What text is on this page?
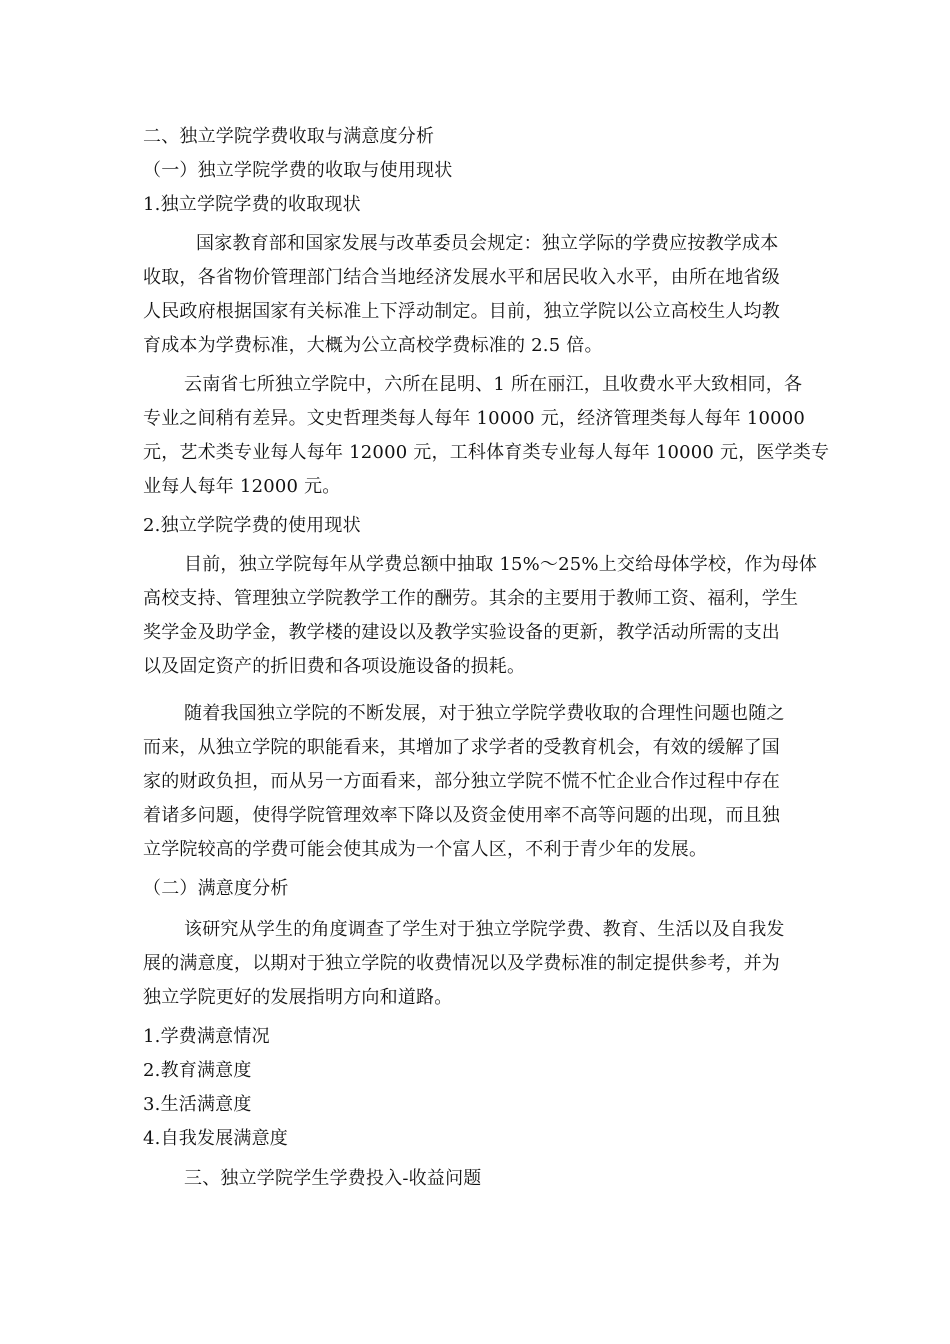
二、独立学院学费收取与满意度分析
（一）独立学院学费的收取与使用现状
1.独立学院学费的收取现状
国家教育部和国家发展与改革委员会规定：独立学际的学费应按教学成本
收取，各省物价管理部门结合当地经济发展水平和居民收入水平，由所在地省级
人民政府根据国家有关标准上下浮动制定。目前，独立学院以公立高校生人均教
育成本为学费标准，大概为公立高校学费标准的 2.5 倍。
云南省七所独立学院中，六所在昆明、1 所在丽江，且收费水平大致相同，各
专业之间稍有差异。文史哲理类每人每年 10000 元，经济管理类每人每年 10000
元，艺术类专业每人每年 12000 元，工科体育类专业每人每年 10000 元，医学类专
业每人每年 12000 元。
2.独立学院学费的使用现状
目前，独立学院每年从学费总额中抽取 15%～25%上交给母体学校，作为母体
高校支持、管理独立学院教学工作的酬劳。其余的主要用于教师工资、福利，学生
奖学金及助学金，教学楼的建设以及教学实验设备的更新，教学活动所需的支出
以及固定资产的折旧费和各项设施设备的损耗。
随着我国独立学院的不断发展，对于独立学院学费收取的合理性问题也随之
而来，从独立学院的职能看来，其增加了求学者的受教育机会，有效的缓解了国
家的财政负担，而从另一方面看来，部分独立学院不慌不忙企业合作过程中存在
着诸多问题，使得学院管理效率下降以及资金使用率不高等问题的出现，而且独
立学院较高的学费可能会使其成为一个富人区，不利于青少年的发展。
（二）满意度分析
该研究从学生的角度调查了学生对于独立学院学费、教育、生活以及自我发
展的满意度，以期对于独立学院的收费情况以及学费标准的制定提供参考，并为
独立学院更好的发展指明方向和道路。
1.学费满意情况
2.教育满意度
3.生活满意度
4.自我发展满意度
三、独立学院学生学费投入-收益问题
